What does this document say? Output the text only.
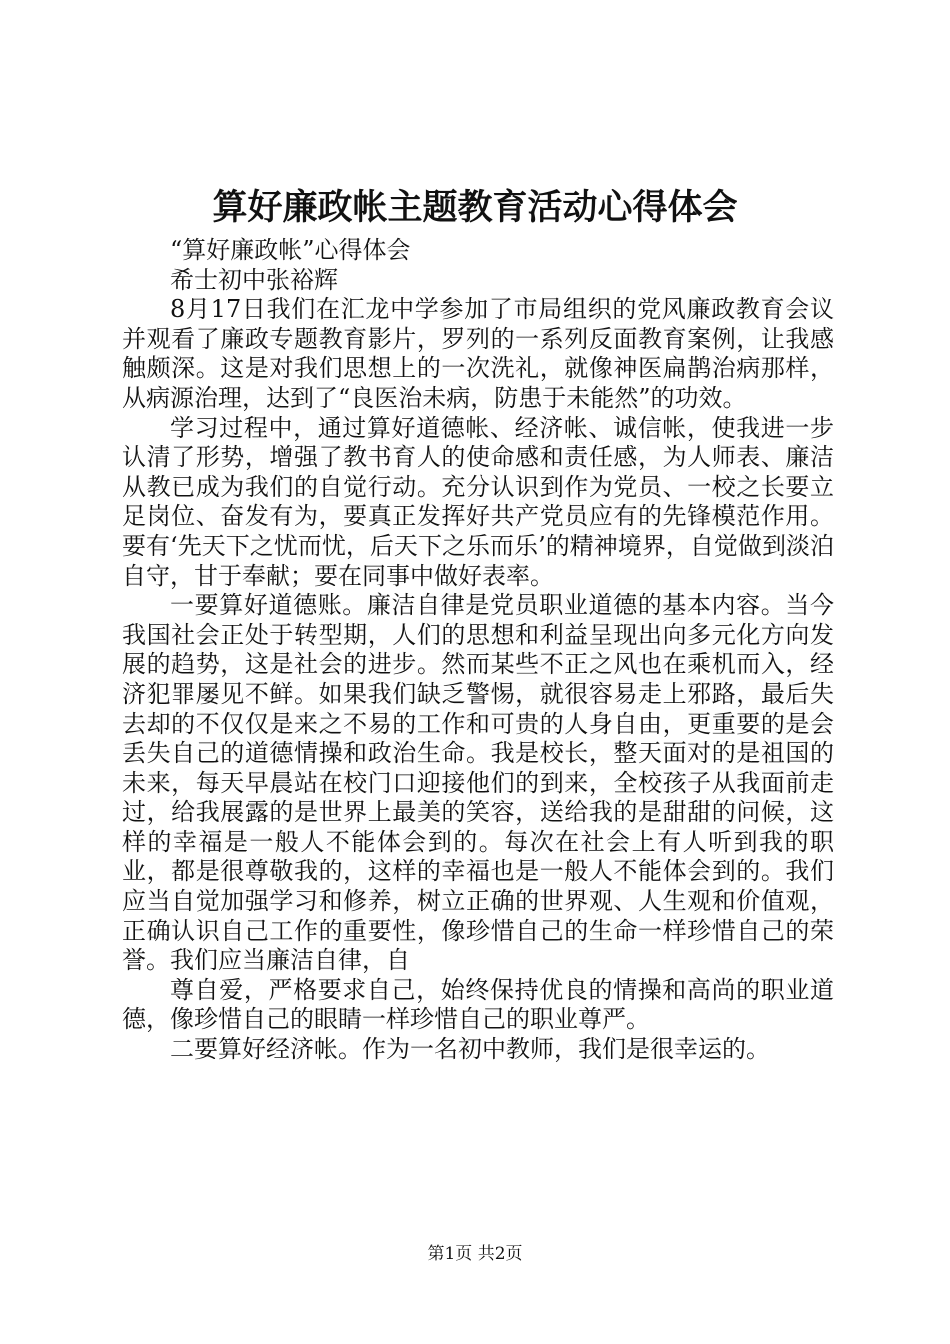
算好廉政帐主题教育活动心得体会

“算好廉政帐”心得体会

希士初中张裕辉

8月17日我们在汇龙中学参加了市局组织的党风廉政教育会议并观看了廉政专题教育影片，罗列的一系列反面教育案例，让我感触颇深。这是对我们思想上的一次洗礼，就像神医扁鹊治病那样，从病源治理，达到了“良医治未病，防患于未能然”的功效。

学习过程中，通过算好道德帐、经济帐、诚信帐，使我进一步认清了形势，增强了教书育人的使命感和责任感，为人师表、廉洁从教已成为我们的自觉行动。充分认识到作为党员、一校之长要立足岗位、奋发有为，要真正发挥好共产党员应有的先锋模范作用。要有‘先天下之忧而忧，后天下之乐而乐’的精神境界，自觉做到淡泊自守，甘于奉献；要在同事中做好表率。

一要算好道德账。廉洁自律是党员职业道德的基本内容。当今我国社会正处于转型期，人们的思想和利益呈现出向多元化方向发展的趋势，这是社会的进步。然而某些不正之风也在乘机而入，经济犯罪屡见不鲜。如果我们缺乏警惕，就很容易走上邪路，最后失去却的不仅仅是来之不易的工作和可贵的人身自由，更重要的是会丢失自己的道德情操和政治生命。我是校长，整天面对的是祖国的未来，每天早晨站在校门口迎接他们的到来，全校孩子从我面前走过，给我展露的是世界上最美的笑容，送给我的是甜甜的问候，这样的幸福是一般人不能体会到的。每次在社会上有人听到我的职业，都是很尊敬我的，这样的幸福也是一般人不能体会到的。我们应当自觉加强学习和修养，树立正确的世界观、人生观和价值观，正确认识自己工作的重要性，像珍惜自己的生命一样珍惜自己的荣誉。我们应当廉洁自律，自

尊自爱，严格要求自己，始终保持优良的情操和高尚的职业道德，像珍惜自己的眼睛一样珍惜自己的职业尊严。

二要算好经济帐。作为一名初中教师，我们是很幸运的。

第1页 共2页
